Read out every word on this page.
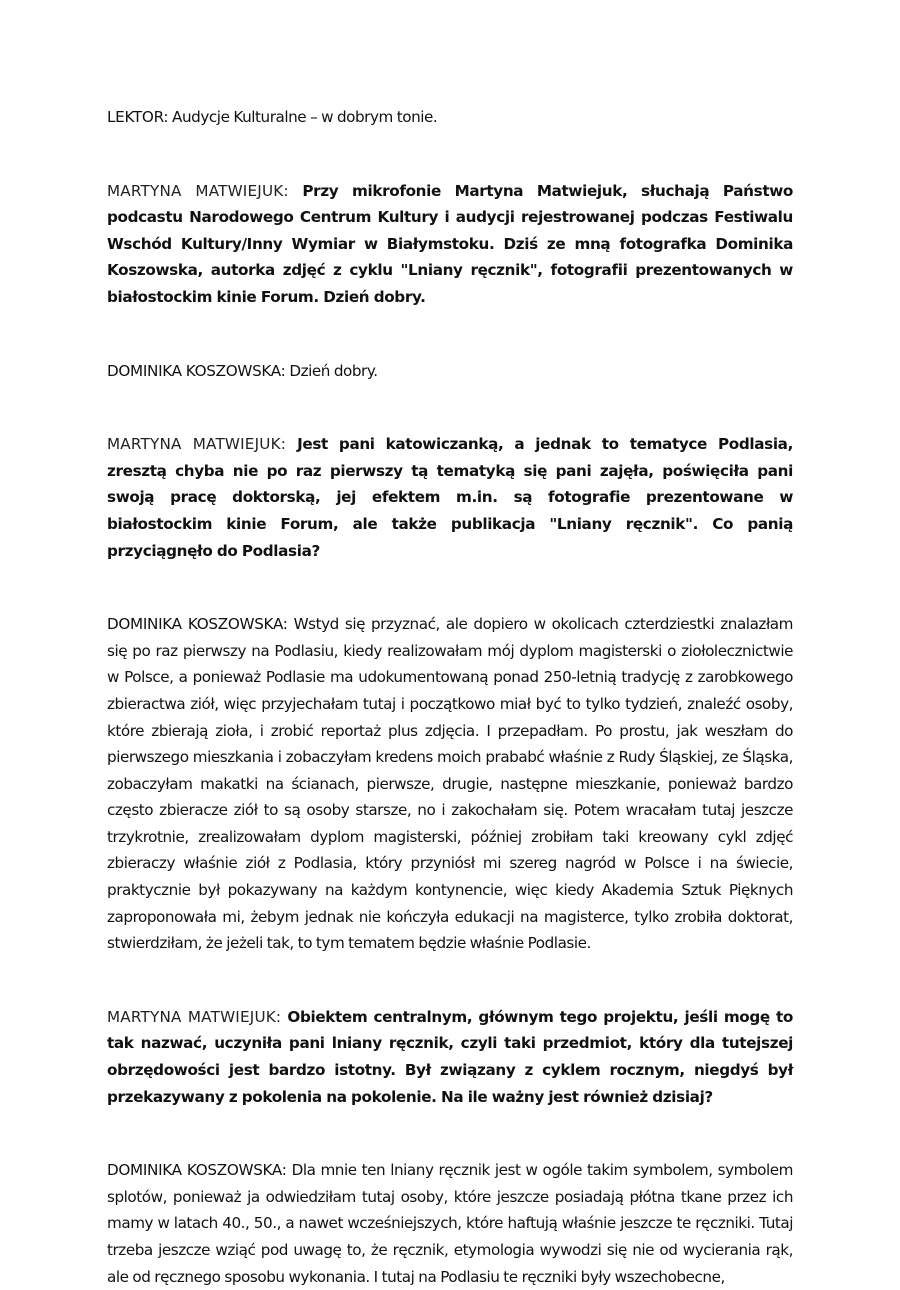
LEKTOR: Audycje Kulturalne – w dobrym tonie.

MARTYNA MATWIEJUK: Przy mikrofonie Martyna Matwiejuk, słuchają Państwo podcastu Narodowego Centrum Kultury i audycji rejestrowanej podczas Festiwalu Wschód Kultury/Inny Wymiar w Białymstoku. Dziś ze mną fotografka Dominika Koszowska, autorka zdjęć z cyklu "Lniany ręcznik", fotografii prezentowanych w białostockim kinie Forum. Dzień dobry.

DOMINIKA KOSZOWSKA: Dzień dobry.

MARTYNA MATWIEJUK: Jest pani katowiczanką, a jednak to tematyce Podlasia, zresztą chyba nie po raz pierwszy tą tematyką się pani zajęła, poświęciła pani swoją pracę doktorską, jej efektem m.in. są fotografie prezentowane w białostockim kinie Forum, ale także publikacja "Lniany ręcznik". Co panią przyciągnęło do Podlasia?

DOMINIKA KOSZOWSKA: Wstyd się przyznać, ale dopiero w okolicach czterdziestki znalazłam się po raz pierwszy na Podlasiu, kiedy realizowałam mój dyplom magisterski o ziołolecznictwie w Polsce, a ponieważ Podlasie ma udokumentowaną ponad 250-letnią tradycję z zarobkowego zbieractwa ziół, więc przyjechałam tutaj i początkowo miał być to tylko tydzień, znaleźć osoby, które zbierają zioła, i zrobić reportaż plus zdjęcia. I przepadłam. Po prostu, jak weszłam do pierwszego mieszkania i zobaczyłam kredens moich prababć właśnie z Rudy Śląskiej, ze Śląska, zobaczyłam makatki na ścianach, pierwsze, drugie, następne mieszkanie, ponieważ bardzo często zbieracze ziół to są osoby starsze, no i zakochałam się. Potem wracałam tutaj jeszcze trzykrotnie, zrealizowałam dyplom magisterski, później zrobiłam taki kreowany cykl zdjęć zbieraczy właśnie ziół z Podlasia, który przyniósł mi szereg nagród w Polsce i na świecie, praktycznie był pokazywany na każdym kontynencie, więc kiedy Akademia Sztuk Pięknych zaproponowała mi, żebym jednak nie kończyła edukacji na magisterce, tylko zrobiła doktorat, stwierdziłam, że jeżeli tak, to tym tematem będzie właśnie Podlasie.

MARTYNA MATWIEJUK: Obiektem centralnym, głównym tego projektu, jeśli mogę to tak nazwać, uczyniła pani lniany ręcznik, czyli taki przedmiot, który dla tutejszej obrzędowości jest bardzo istotny. Był związany z cyklem rocznym, niegdyś był przekazywany z pokolenia na pokolenie. Na ile ważny jest również dzisiaj?

DOMINIKA KOSZOWSKA: Dla mnie ten lniany ręcznik jest w ogóle takim symbolem, symbolem splotów, ponieważ ja odwiedziłam tutaj osoby, które jeszcze posiadają płótna tkane przez ich mamy w latach 40., 50., a nawet wcześniejszych, które haftują właśnie jeszcze te ręczniki. Tutaj trzeba jeszcze wziąć pod uwagę to, że ręcznik, etymologia wywodzi się nie od wycierania rąk, ale od ręcznego sposobu wykonania. I tutaj na Podlasiu te ręczniki były wszechobecne,
